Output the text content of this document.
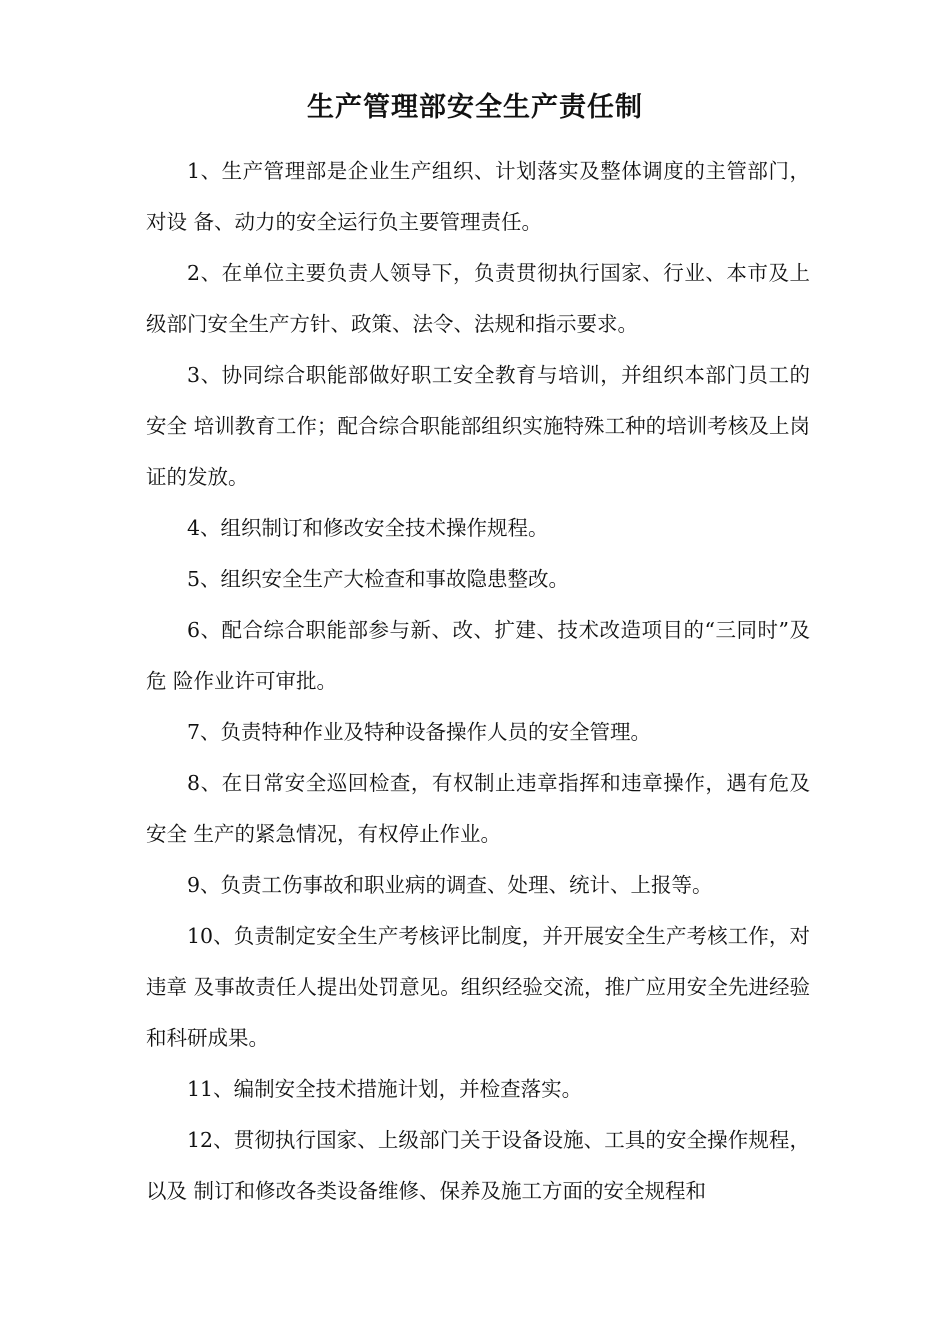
生产管理部安全生产责任制

1、生产管理部是企业生产组织、计划落实及整体调度的主管部门，对设 备、动力的安全运行负主要管理责任。

2、在单位主要负责人领导下，负责贯彻执行国家、行业、本市及上级部门安全生产方针、政策、法令、法规和指示要求。

3、协同综合职能部做好职工安全教育与培训，并组织本部门员工的安全 培训教育工作；配合综合职能部组织实施特殊工种的培训考核及上岗证的发放。

4、组织制订和修改安全技术操作规程。

5、组织安全生产大检查和事故隐患整改。

6、配合综合职能部参与新、改、扩建、技术改造项目的“三同时”及危 险作业许可审批。

7、负责特种作业及特种设备操作人员的安全管理。

8、在日常安全巡回检查，有权制止违章指挥和违章操作，遇有危及安全 生产的紧急情况，有权停止作业。

9、负责工伤事故和职业病的调查、处理、统计、上报等。

10、负责制定安全生产考核评比制度，并开展安全生产考核工作，对违章 及事故责任人提出处罚意见。组织经验交流，推广应用安全先进经验和科研成果。

11、编制安全技术措施计划，并检查落实。

12、贯彻执行国家、上级部门关于设备设施、工具的安全操作规程，以及 制订和修改各类设备维修、保养及施工方面的安全规程和
